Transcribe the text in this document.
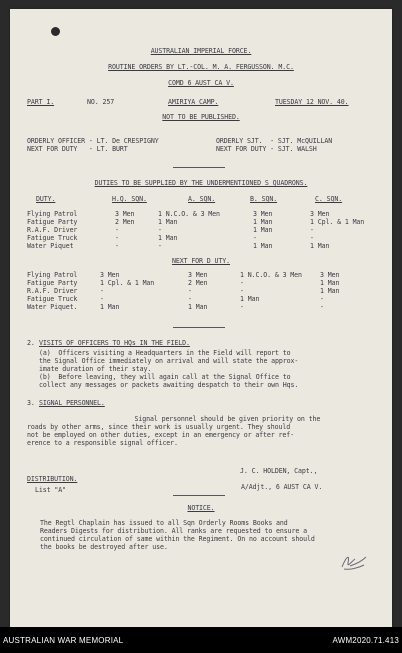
AUSTRALIAN IMPERIAL FORCE.
ROUTINE ORDERS BY LT.-COL. M. A. FERGUSSON. M.C.
COMD 6 AUST CA V.
PART I.	NO. 257	AMIRIYA CAMP.	TUESDAY 12 NOV. 40.
NOT TO BE PUBLISHED.
ORDERLY OFFICER - LT. De CRESPIGNY
NEXT FOR DUTY   - LT. BURT
ORDERLY SJT.  - SJT. McQUILLAN
NEXT FOR DUTY - SJT. WALSH
DUTIES TO BE SUPPLIED BY THE UNDERMENTIONED S QUADRONS.
DUTY.	H.Q. SQN.	A. SQN.	B. SQN.	C. SQN.
Flying Patrol	3 Men	1 N.C.O. & 3 Men	3 Men	3 Men
Fatigue Party	2 Men	1 Man	1 Man	1 Cpl. & 1 Man
R.A.F. Driver	-	-	1 Man	-
Fatigue Truck	-	1 Man	-	-
Water Piquet	-	-	1 Man	1 Man
NEXT FOR D UTY.
Flying Patrol	3 Men	3 Men	1 N.C.O. & 3 Men	3 Men
Fatigue Party	1 Cpl. & 1 Man	2 Men	-	1 Man
R.A.F. Driver	-	-	-	1 Man
Fatigue Truck	-	-	1 Man	-
Water Piquet.	1 Man	1 Man	-	-
2. VISITS OF OFFICERS TO HQs IN THE FIELD.
(a)  Officers visiting a Headquarters in the Field will report to
the Signal Office immediately on arrival and will state the approx-
imate duration of their stay.
(b)  Before leaving, they will again call at the Signal Office to
collect any messages or packets awaiting despatch to their own Hqs.
3. SIGNAL PERSONNEL.

Signal personnel should be given priority on the
roads by other arms, since their work is usually urgent. They should
not be employed on other duties, except in an emergency or after ref-
erence to a responsible signal officer.

J. C. HOLDEN, Capt.,
A/Adjt., 6 AUST CA V.
DISTRIBUTION.
List "A"
NOTICE.
The Regtl Chaplain has issued to all Sqn Orderly Rooms Books and
Readers Digests for distribution. All ranks are requested to ensure a
continued circulation of same within the Regiment. On no account should
the books be destroyed after use.
AUSTRALIAN WAR MEMORIAL	AWM2020.71.413
